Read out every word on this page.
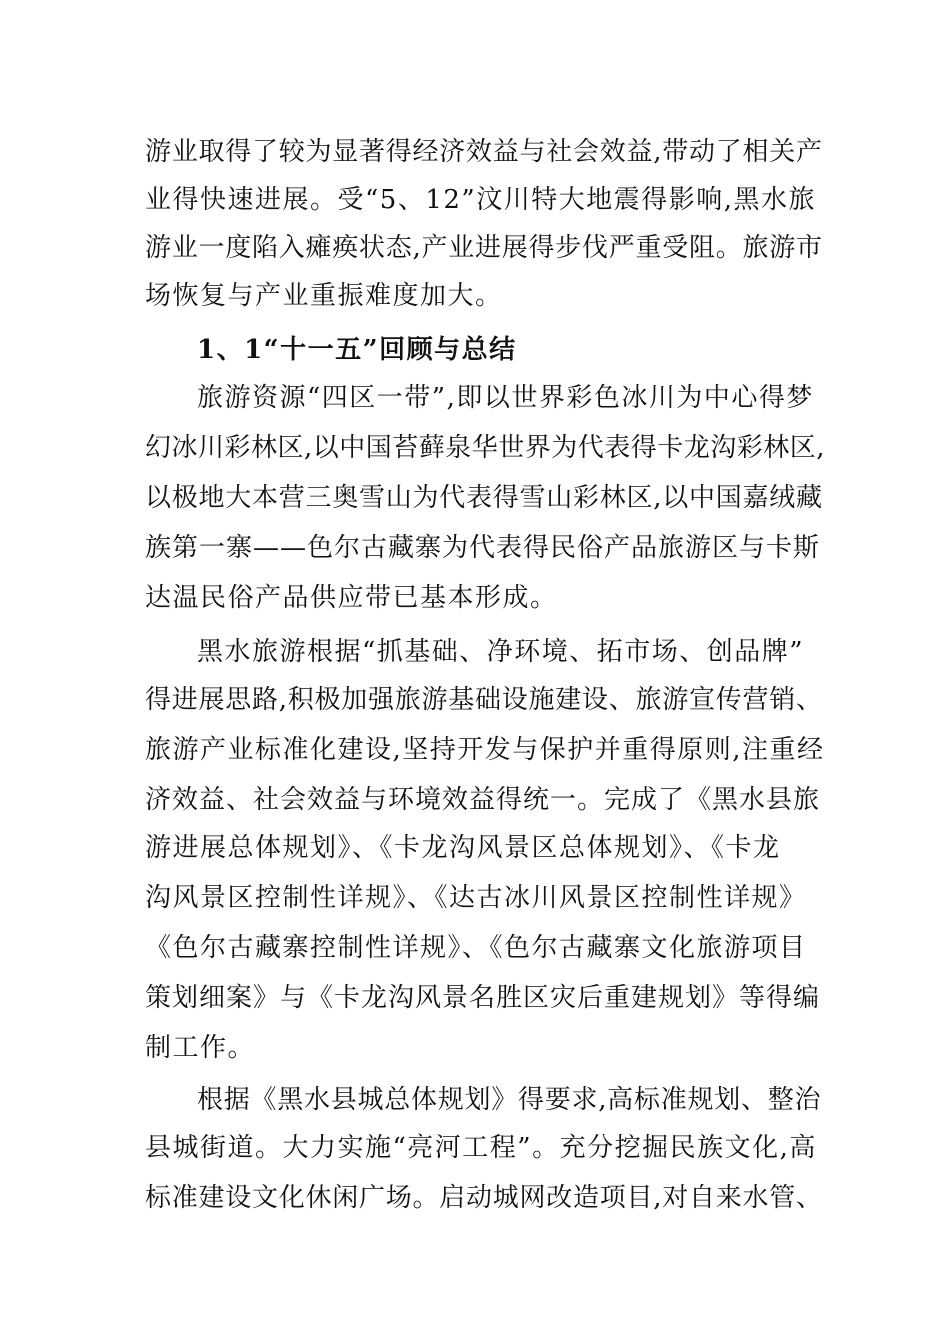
游业取得了较为显著得经济效益与社会效益,带动了相关产
业得快速进展。受“5、12”汶川特大地震得影响,黑水旅
游业一度陷入瘫痪状态,产业进展得步伐严重受阻。旅游市
场恢复与产业重振难度加大。
1、1“十一五”回顾与总结
旅游资源“四区一带”,即以世界彩色冰川为中心得梦
幻冰川彩林区,以中国苔藓泉华世界为代表得卡龙沟彩林区,
以极地大本营三奥雪山为代表得雪山彩林区,以中国嘉绒藏
族第一寨——色尔古藏寨为代表得民俗产品旅游区与卡斯
达温民俗产品供应带已基本形成。
黑水旅游根据“抓基础、净环境、拓市场、创品牌”
得进展思路,积极加强旅游基础设施建设、旅游宣传营销、
旅游产业标准化建设,坚持开发与保护并重得原则,注重经
济效益、社会效益与环境效益得统一。完成了《黑水县旅
游进展总体规划》、《卡龙沟风景区总体规划》、《卡龙
沟风景区控制性详规》、《达古冰川风景区控制性详规》
《色尔古藏寨控制性详规》、《色尔古藏寨文化旅游项目
策划细案》与《卡龙沟风景名胜区灾后重建规划》等得编
制工作。
根据《黑水县城总体规划》得要求,高标准规划、整治
县城街道。大力实施“亮河工程”。充分挖掘民族文化,高
标准建设文化休闲广场。启动城网改造项目,对自来水管、
